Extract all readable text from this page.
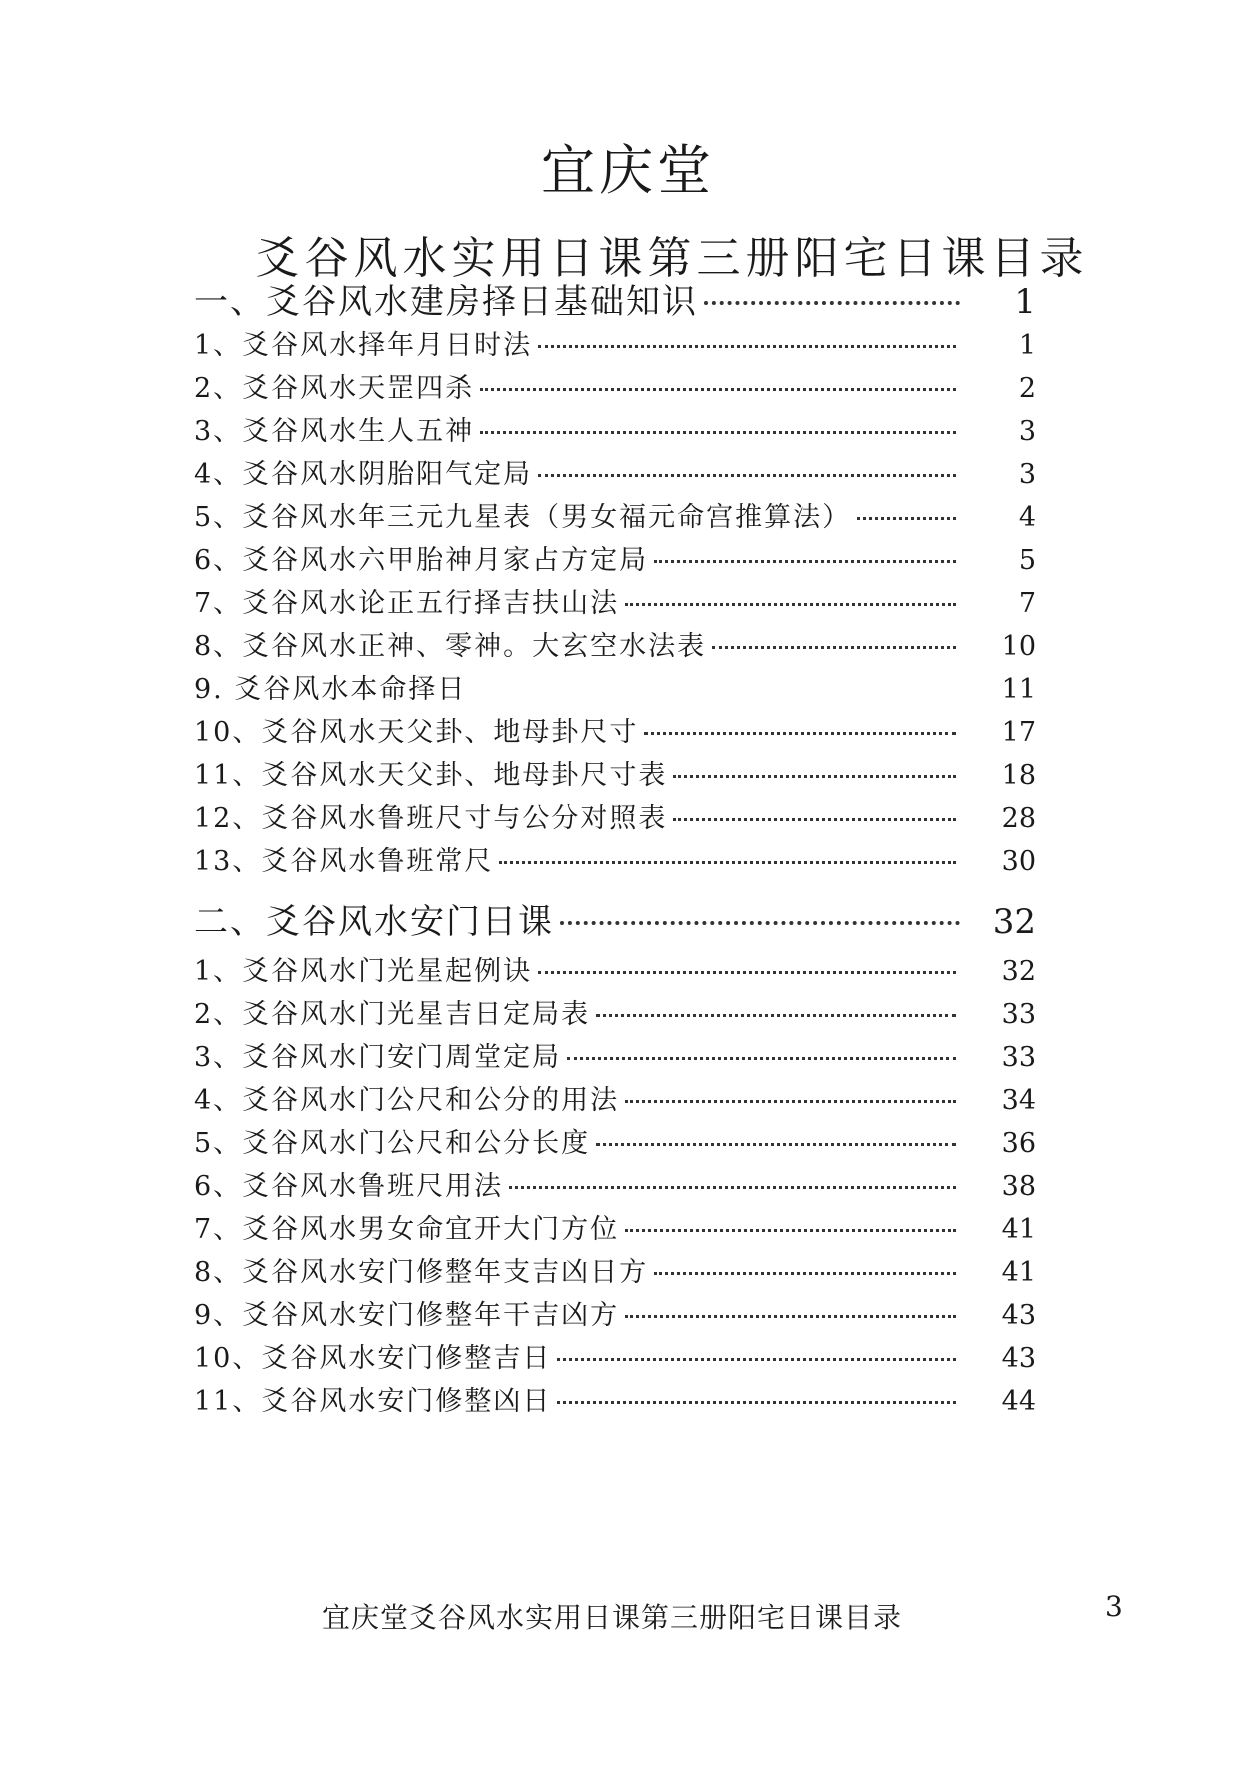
宜庆堂
爻谷风水实用日课第三册阳宅日课目录
一、爻谷风水建房择日基础知识	1
1、爻谷风水择年月日时法	1
2、爻谷风水天罡四杀	2
3、爻谷风水生人五神	3
4、爻谷风水阴胎阳气定局	3
5、爻谷风水年三元九星表（男女福元命宫推算法）	4
6、爻谷风水六甲胎神月家占方定局	5
7、爻谷风水论正五行择吉扶山法	7
8、爻谷风水正神、零神。大玄空水法表	10
9. 爻谷风水本命择日	11
10、爻谷风水天父卦、地母卦尺寸	17
11、爻谷风水天父卦、地母卦尺寸表	18
12、爻谷风水鲁班尺寸与公分对照表	28
13、爻谷风水鲁班常尺	30
二、爻谷风水安门日课	32
1、爻谷风水门光星起例诀	32
2、爻谷风水门光星吉日定局表	33
3、爻谷风水门安门周堂定局	33
4、爻谷风水门公尺和公分的用法	34
5、爻谷风水门公尺和公分长度	36
6、爻谷风水鲁班尺用法	38
7、爻谷风水男女命宜开大门方位	41
8、爻谷风水安门修整年支吉凶日方	41
9、爻谷风水安门修整年干吉凶方	43
10、爻谷风水安门修整吉日	43
11、爻谷风水安门修整凶日	44
宜庆堂爻谷风水实用日课第三册阳宅日课目录	3
